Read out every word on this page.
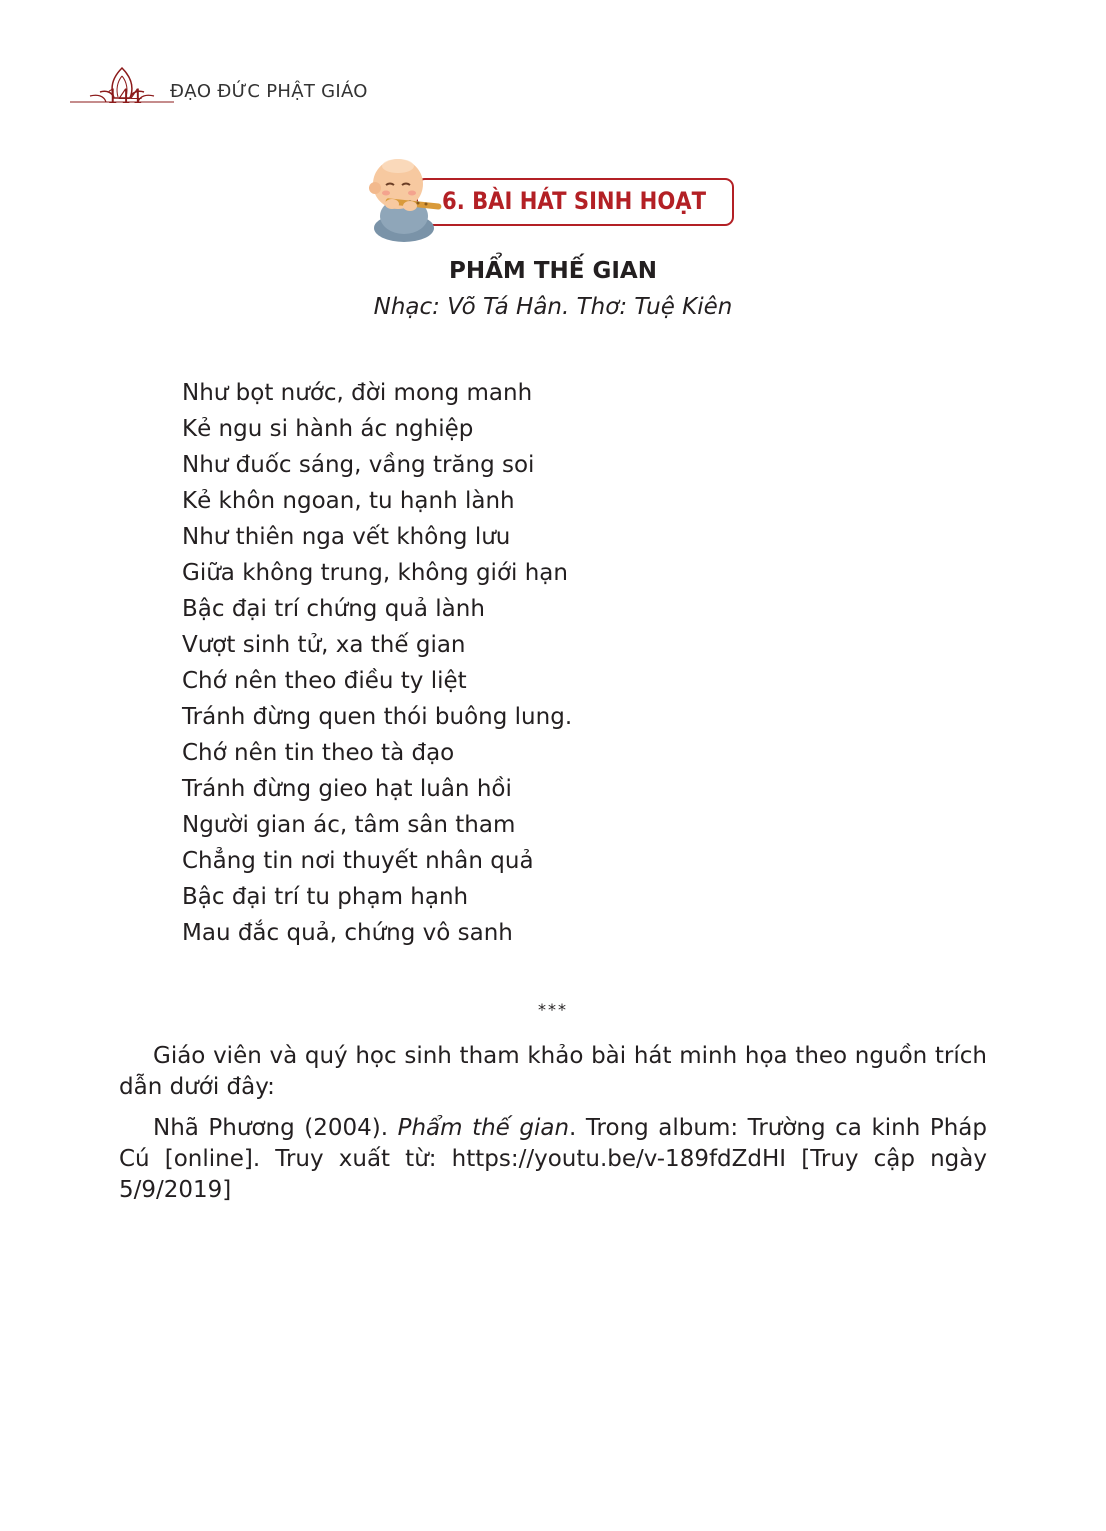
144 ĐẠO ĐỨC PHẬT GIÁO
6. BÀI HÁT SINH HOẠT
PHẨM THẾ GIAN
Nhạc: Võ Tá Hân. Thơ: Tuệ Kiên
Như bọt nước, đời mong manh
Kẻ ngu si hành ác nghiệp
Như đuốc sáng, vầng trăng soi
Kẻ khôn ngoan, tu hạnh lành
Như thiên nga vết không lưu
Giữa không trung, không giới hạn
Bậc đại trí chứng quả lành
Vượt sinh tử, xa thế gian
Chớ nên theo điều ty liệt
Tránh đừng quen thói buông lung.
Chớ nên tin theo tà đạo
Tránh đừng gieo hạt luân hồi
Người gian ác, tâm sân tham
Chẳng tin nơi thuyết nhân quả
Bậc đại trí tu phạm hạnh
Mau đắc quả, chứng vô sanh
***

Giáo viên và quý học sinh tham khảo bài hát minh họa theo nguồn trích dẫn dưới đây:

Nhã Phương (2004). Phẩm thế gian. Trong album: Trường ca kinh Pháp Cú [online]. Truy xuất từ: https://youtu.be/v-189fdZdHI [Truy cập ngày 5/9/2019]
